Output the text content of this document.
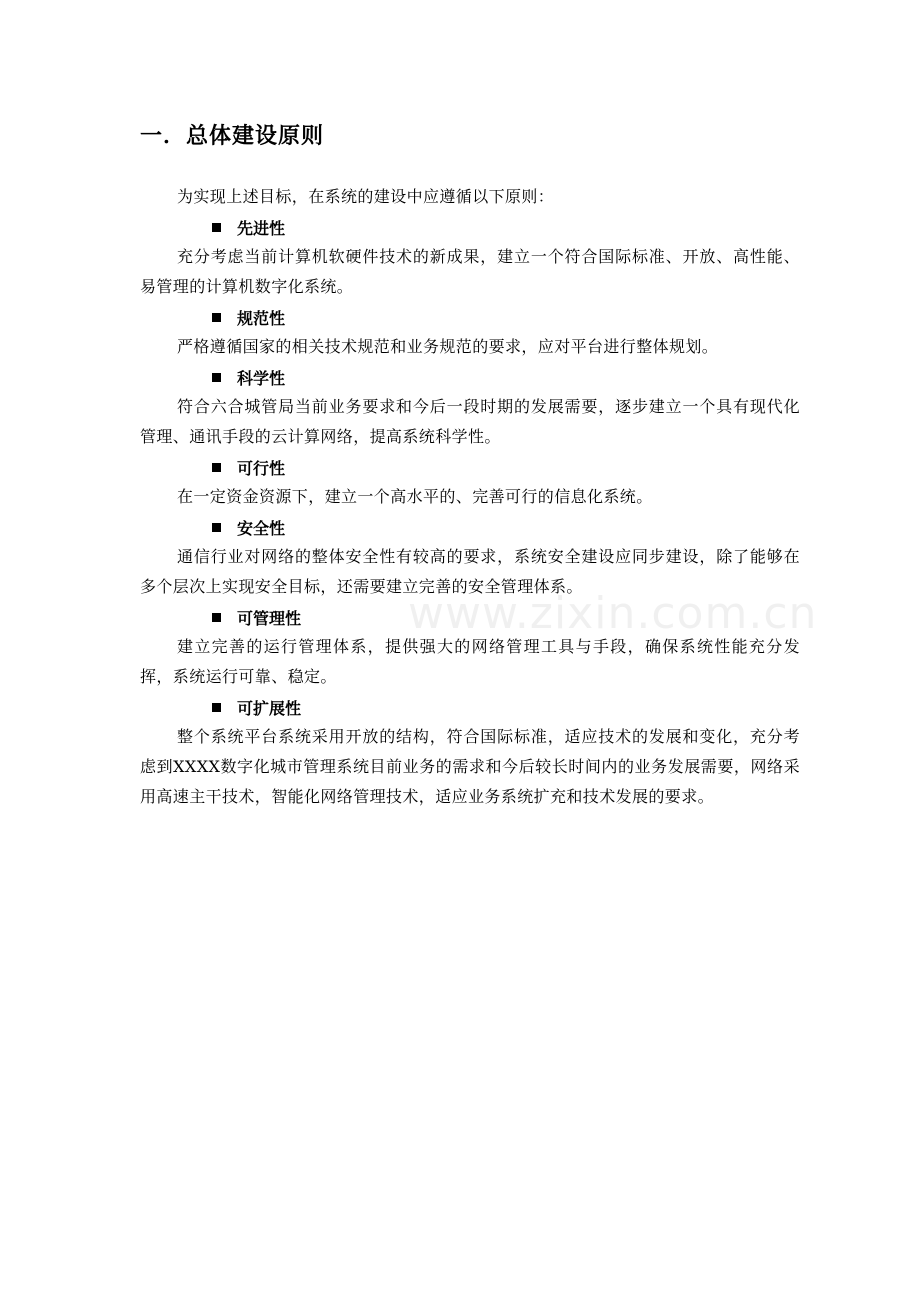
一．总体建设原则

为实现上述目标，在系统的建设中应遵循以下原则：

先进性

充分考虑当前计算机软硬件技术的新成果，建立一个符合国际标准、开放、高性能、易管理的计算机数字化系统。

规范性

严格遵循国家的相关技术规范和业务规范的要求，应对平台进行整体规划。

科学性

符合六合城管局当前业务要求和今后一段时期的发展需要，逐步建立一个具有现代化管理、通讯手段的云计算网络，提高系统科学性。

可行性

在一定资金资源下，建立一个高水平的、完善可行的信息化系统。

安全性

通信行业对网络的整体安全性有较高的要求，系统安全建设应同步建设，除了能够在多个层次上实现安全目标，还需要建立完善的安全管理体系。

可管理性

建立完善的运行管理体系，提供强大的网络管理工具与手段，确保系统性能充分发挥，系统运行可靠、稳定。

可扩展性

整个系统平台系统采用开放的结构，符合国际标准，适应技术的发展和变化，充分考虑到XXXX数字化城市管理系统目前业务的需求和今后较长时间内的业务发展需要，网络采用高速主干技术，智能化网络管理技术，适应业务系统扩充和技术发展的要求。

www.zixin.com.cn
